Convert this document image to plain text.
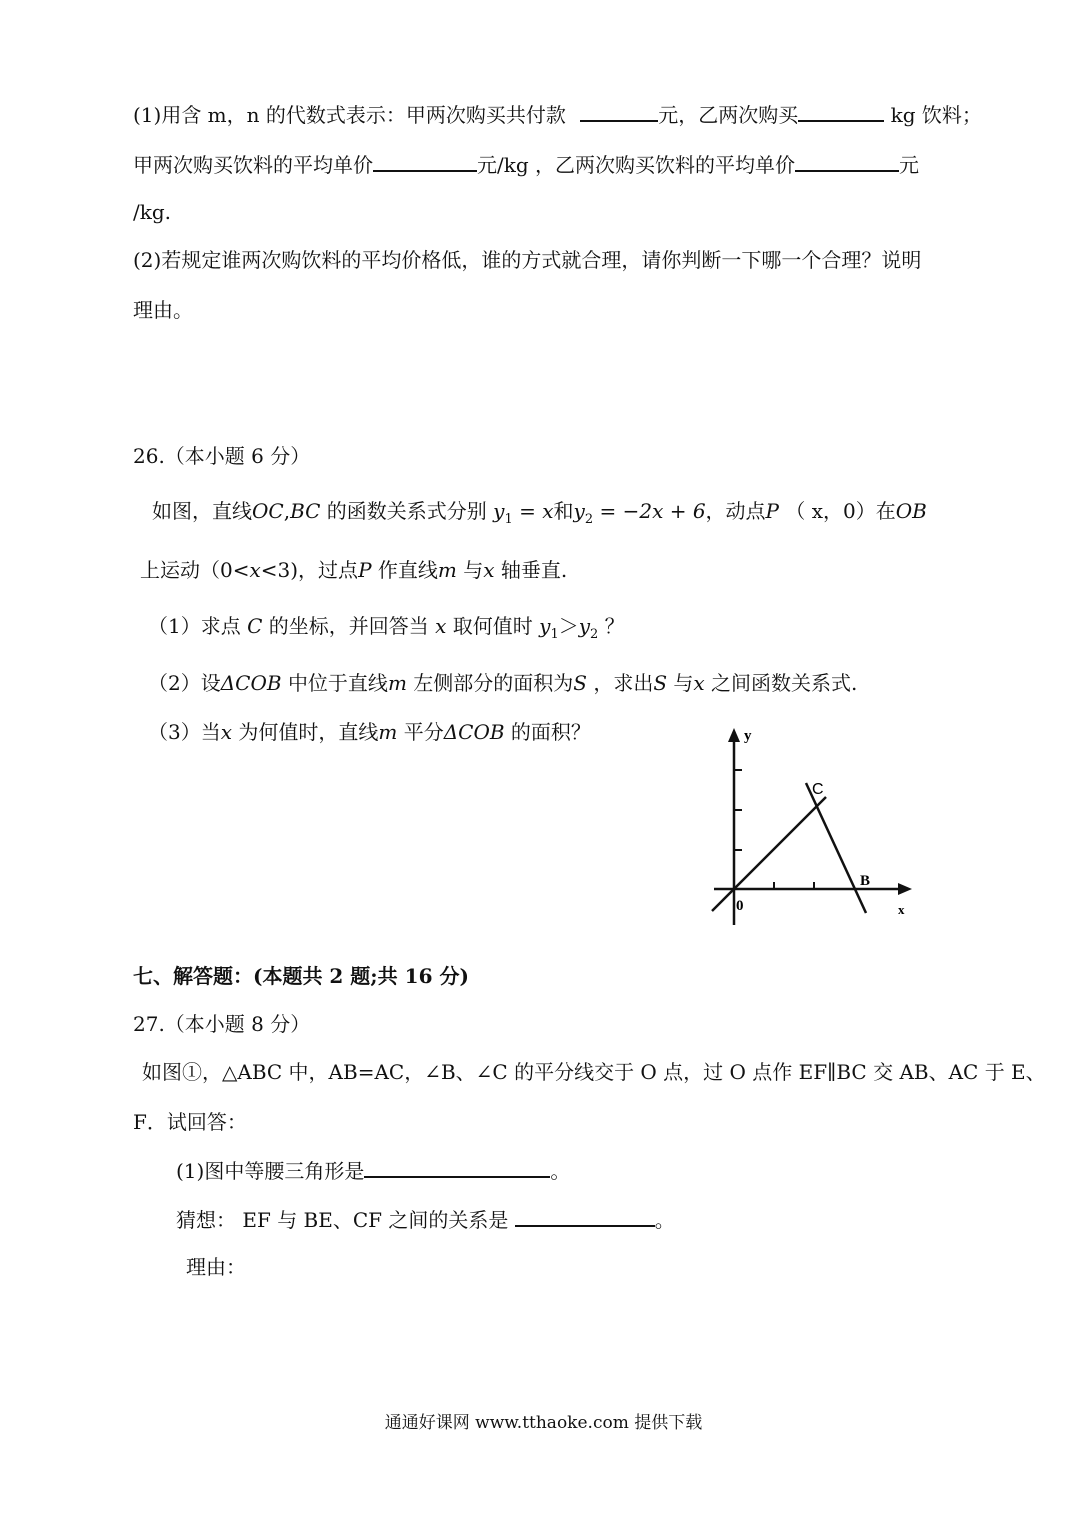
(1)用含 m，n 的代数式表示：甲两次购买共付款	元，乙两次购买	kg 饮料；
甲两次购买饮料的平均单价	元/kg ，乙两次购买饮料的平均单价	元
/kg.
(2)若规定谁两次购饮料的平均价格低，谁的方式就合理，请你判断一下哪一个合理？说明
理由。
26.（本小题 6 分）
如图，直线OC,BC 的函数关系式分别 $y_1 = x$和$y_2 = -2x + 6$，动点P （ x，0）在OB
上运动（0<x<3)，过点P 作直线m 与x 轴垂直.
（1）求点 C 的坐标，并回答当 x 取何值时 $y_1>y_2$ ？
（2）设ΔCOB 中位于直线m 左侧部分的面积为S ，求出S 与x 之间函数关系式.
（3）当x 为何值时，直线m 平分ΔCOB 的面积？	y
x
0
C
B
七、解答题：(本题共 2 题;共 16 分)
27.（本小题 8 分）
如图①，△ABC 中，AB=AC，∠B、∠C 的平分线交于 O 点，过 O 点作 EF∥BC 交 AB、AC 于 E、
F．试回答：
(1)图中等腰三角形是	。
猜想： EF 与 BE、CF 之间的关系是	。
理由：
通通好课网 www.tthaoke.com 提供下载
